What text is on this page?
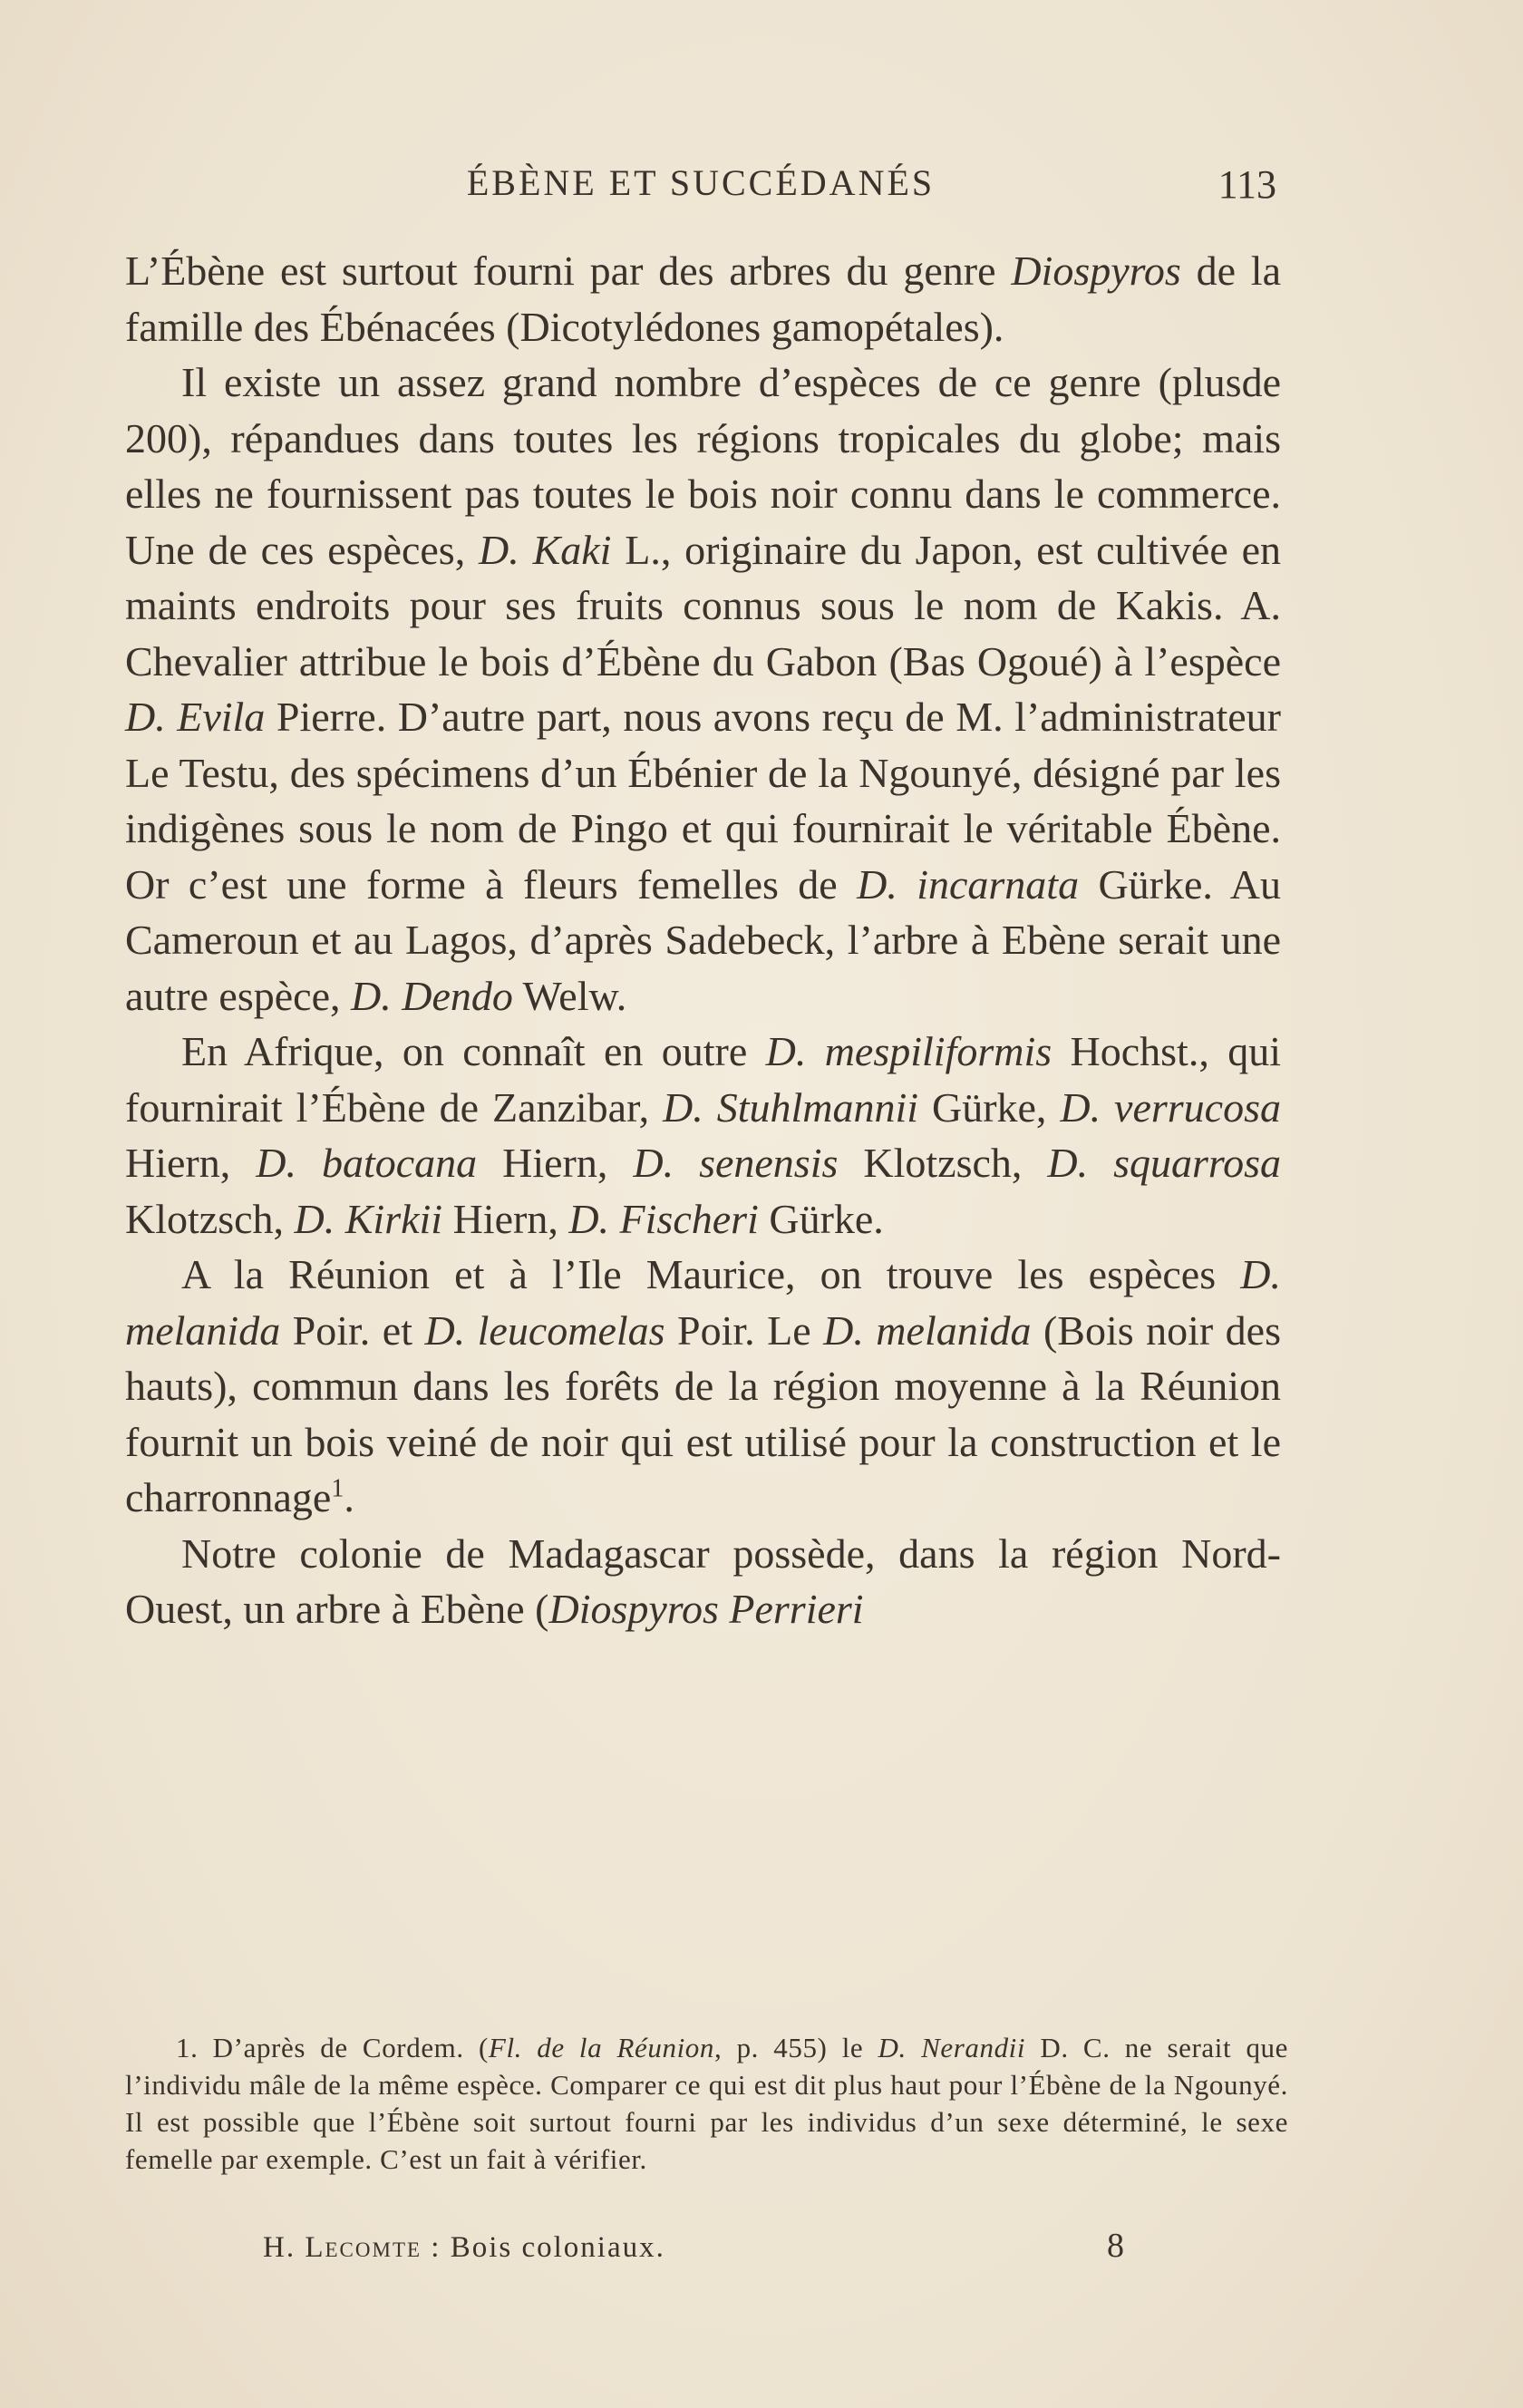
ÉBÈNE ET SUCCÉDANÉS	113

L’Ébène est surtout fourni par des arbres du genre Diospyros de la famille des Ébénacées (Dicotylédones gamopétales).

Il existe un assez grand nombre d’espèces de ce genre (plusde 200), répandues dans toutes les régions tropicales du globe; mais elles ne fournissent pas toutes le bois noir connu dans le commerce. Une de ces espèces, D. Kaki L., originaire du Japon, est cultivée en maints endroits pour ses fruits connus sous le nom de Kakis. A. Chevalier attribue le bois d’Ébène du Gabon (Bas Ogoué) à l’espèce D. Evila Pierre. D’autre part, nous avons reçu de M. l’administrateur Le Testu, des spécimens d’un Ébénier de la Ngounyé, désigné par les indigènes sous le nom de Pingo et qui fournirait le véritable Ébène. Or c’est une forme à fleurs femelles de D. incarnata Gürke. Au Cameroun et au Lagos, d’après Sadebeck, l’arbre à Ebène serait une autre espèce, D. Dendo Welw.

En Afrique, on connaît en outre D. mespiliformis Hochst., qui fournirait l’Ébène de Zanzibar, D. Stuhlmannii Gürke, D. verrucosa Hiern, D. batocana Hiern, D. senensis Klotzsch, D. squarrosa Klotzsch, D. Kirkii Hiern, D. Fischeri Gürke.

A la Réunion et à l’Ile Maurice, on trouve les espèces D. melanida Poir. et D. leucomelas Poir. Le D. melanida (Bois noir des hauts), commun dans les forêts de la région moyenne à la Réunion fournit un bois veiné de noir qui est utilisé pour la construction et le charronnage$^1$.

Notre colonie de Madagascar possède, dans la région Nord-Ouest, un arbre à Ebène (Diospyros Perrieri

1. D’après de Cordem. (Fl. de la Réunion, p. 455) le D. Nerandii D. C. ne serait que l’individu mâle de la même espèce. Comparer ce qui est dit plus haut pour l’Ébène de la Ngounyé. Il est possible que l’Ébène soit surtout fourni par les individus d’un sexe déterminé, le sexe femelle par exemple. C’est un fait à vérifier.

H. Lecomte : Bois coloniaux.	8
